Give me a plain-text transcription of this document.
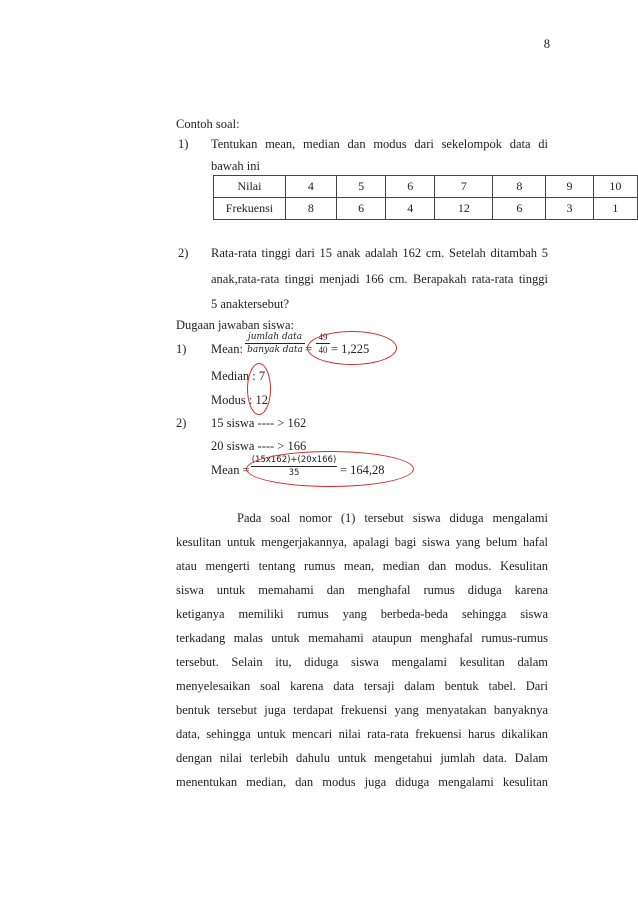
8
Contoh soal:
1) Tentukan mean, median dan modus dari sekelompok data di
bawah ini
Nilai	4	5	6	7	8	9	10
Frekuensi	8	6	4	12	6	3	1
2) Rata-rata tinggi dari 15 anak adalah 162 cm. Setelah ditambah 5
anak,rata-rata tinggi menjadi 166 cm. Berapakah rata-rata tinggi
5 anaktersebut?
Dugaan jawaban siswa:
1) Mean:
jumlah data
banyak data =
49
40 = 1,225
Median : 7
Modus : 12
2) 15 siswa ---- > 162
20 siswa ---- > 166
Mean =
(15x162)+(20x166)
35	= 164,28
Pada soal nomor (1) tersebut siswa diduga mengalami
kesulitan untuk mengerjakannya, apalagi bagi siswa yang belum hafal
atau mengerti tentang rumus mean, median dan modus. Kesulitan
siswa untuk memahami dan menghafal rumus diduga karena
ketiganya memiliki rumus yang berbeda-beda sehingga siswa
terkadang malas untuk memahami ataupun menghafal rumus-rumus
tersebut. Selain itu, diduga siswa mengalami kesulitan dalam
menyelesaikan soal karena data tersaji dalam bentuk tabel. Dari
bentuk tersebut juga terdapat frekuensi yang menyatakan banyaknya
data, sehingga untuk mencari nilai rata-rata frekuensi harus dikalikan
dengan nilai terlebih dahulu untuk mengetahui jumlah data. Dalam
menentukan median, dan modus juga diduga mengalami kesulitan
